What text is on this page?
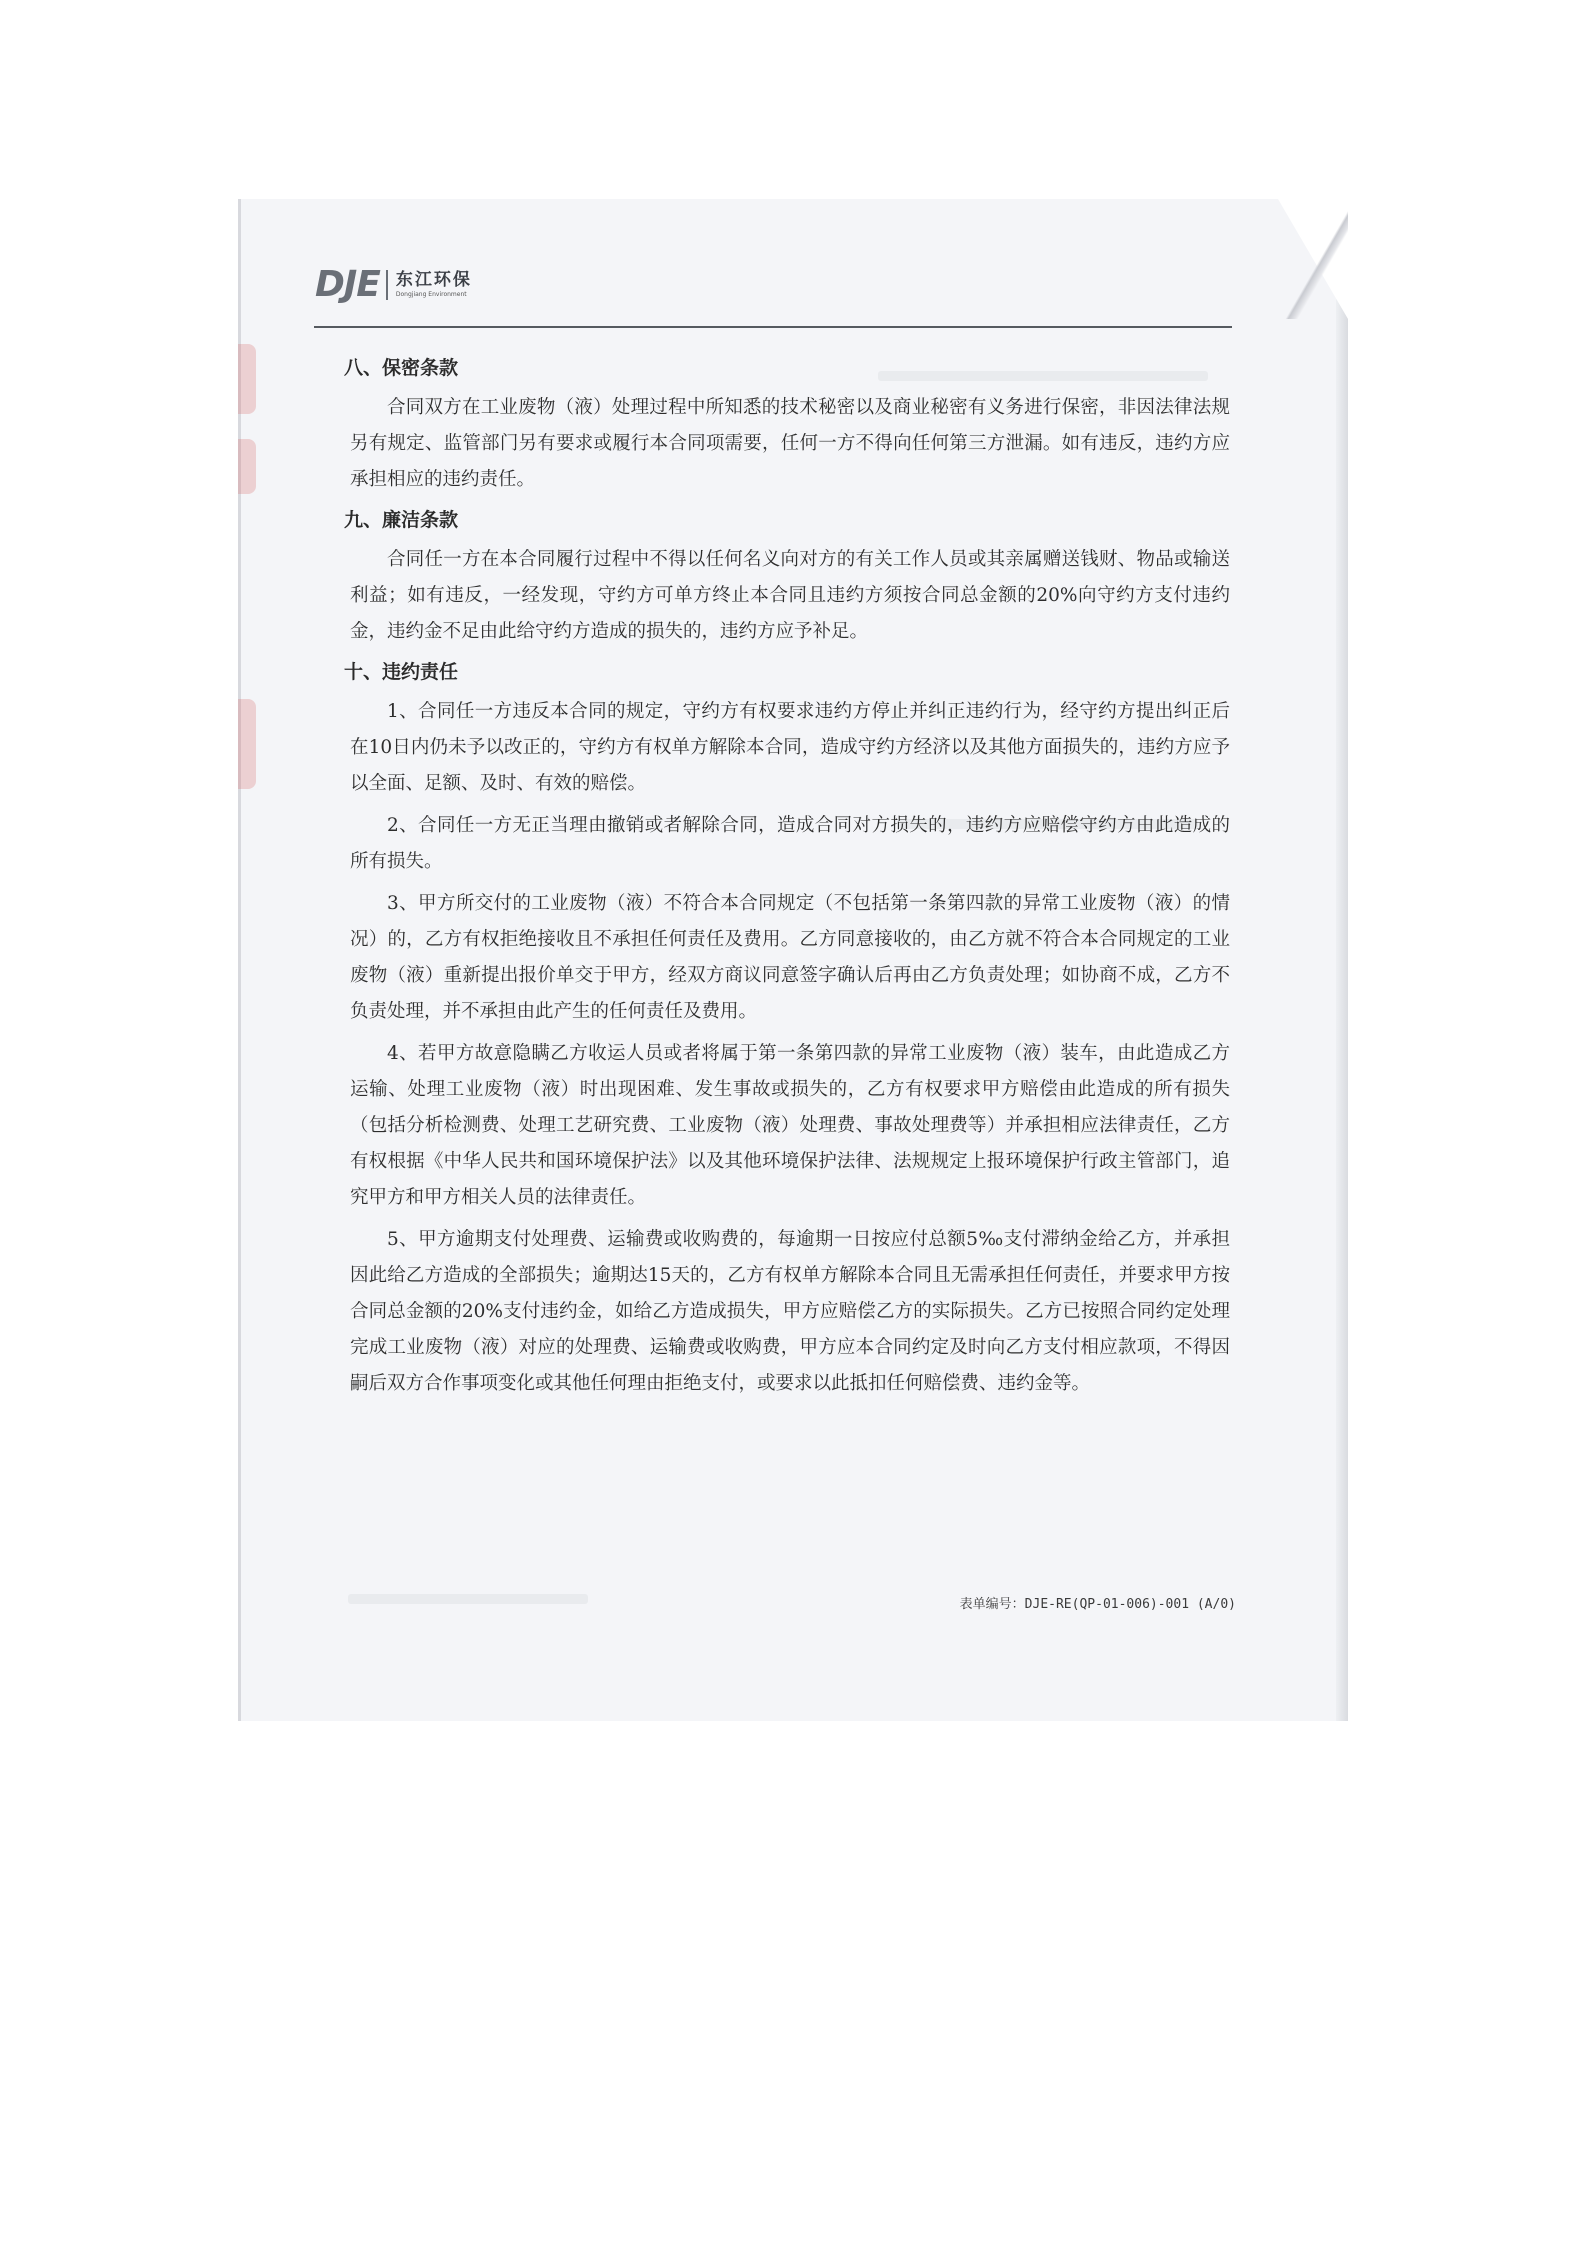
DJE 东江环保
Dongjiang Environment
八、保密条款

合同双方在工业废物（液）处理过程中所知悉的技术秘密以及商业秘密有义务进行保密，非因法律法规另有规定、监管部门另有要求或履行本合同项需要，任何一方不得向任何第三方泄漏。如有违反，违约方应承担相应的违约责任。

九、廉洁条款

合同任一方在本合同履行过程中不得以任何名义向对方的有关工作人员或其亲属赠送钱财、物品或输送利益；如有违反，一经发现，守约方可单方终止本合同且违约方须按合同总金额的20%向守约方支付违约金，违约金不足由此给守约方造成的损失的，违约方应予补足。

十、违约责任

1、合同任一方违反本合同的规定，守约方有权要求违约方停止并纠正违约行为，经守约方提出纠正后在10日内仍未予以改正的，守约方有权单方解除本合同，造成守约方经济以及其他方面损失的，违约方应予以全面、足额、及时、有效的赔偿。

2、合同任一方无正当理由撤销或者解除合同，造成合同对方损失的，违约方应赔偿守约方由此造成的所有损失。

3、甲方所交付的工业废物（液）不符合本合同规定（不包括第一条第四款的异常工业废物（液）的情况）的，乙方有权拒绝接收且不承担任何责任及费用。乙方同意接收的，由乙方就不符合本合同规定的工业废物（液）重新提出报价单交于甲方，经双方商议同意签字确认后再由乙方负责处理；如协商不成，乙方不负责处理，并不承担由此产生的任何责任及费用。

4、若甲方故意隐瞒乙方收运人员或者将属于第一条第四款的异常工业废物（液）装车，由此造成乙方运输、处理工业废物（液）时出现困难、发生事故或损失的，乙方有权要求甲方赔偿由此造成的所有损失（包括分析检测费、处理工艺研究费、工业废物（液）处理费、事故处理费等）并承担相应法律责任，乙方有权根据《中华人民共和国环境保护法》以及其他环境保护法律、法规规定上报环境保护行政主管部门，追究甲方和甲方相关人员的法律责任。

5、甲方逾期支付处理费、运输费或收购费的，每逾期一日按应付总额5‰支付滞纳金给乙方，并承担因此给乙方造成的全部损失；逾期达15天的，乙方有权单方解除本合同且无需承担任何责任，并要求甲方按合同总金额的20%支付违约金，如给乙方造成损失，甲方应赔偿乙方的实际损失。乙方已按照合同约定处理完成工业废物（液）对应的处理费、运输费或收购费，甲方应本合同约定及时向乙方支付相应款项，不得因嗣后双方合作事项变化或其他任何理由拒绝支付，或要求以此抵扣任何赔偿费、违约金等。

表单编号：DJE-RE(QP-01-006)-001 (A/0)
